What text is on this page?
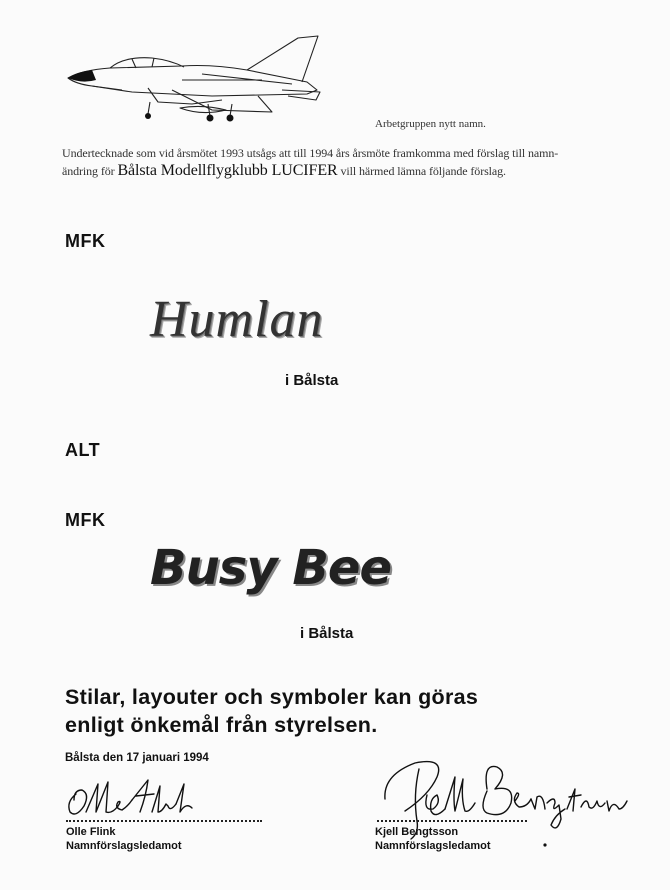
Arbetgruppen nytt namn.
Undertecknade som vid årsmötet 1993 utsågs att till 1994 års årsmöte framkomma med förslag till namn-
ändring för Bålsta Modellflygklubb LUCIFER vill härmed lämna följande förslag.
MFK
Humlan
i Bålsta
ALT
MFK
Busy Bee
i Bålsta
Stilar, layouter och symboler kan göras
enligt önkemål från styrelsen.
Bålsta den 17 januari 1994
Olle Flink
Namnförslagsledamot
Kjell Bengtsson
Namnförslagsledamot
